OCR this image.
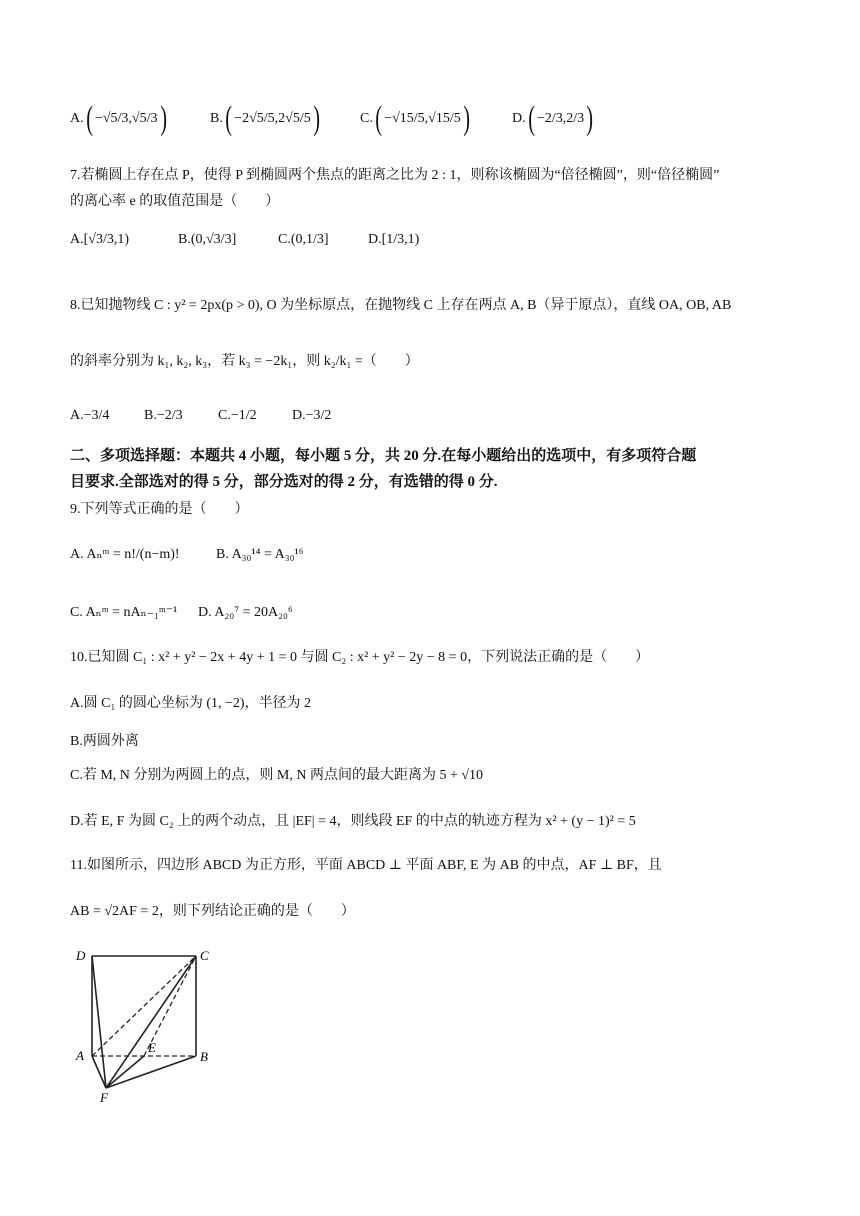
A. ( −√5/3 , √5/3 )	B. ( −2√5/5 , 2√5/5 )	C. ( −√15/5 , √15/5 )	D. ( −2/3 , 2/3 )
7.若椭圆上存在点 P，使得 P 到椭圆两个焦点的距离之比为 2 : 1，则称该椭圆为“倍径椭圆”，则“倍径椭圆”
的离心率 e 的取值范围是（　　）
A.[√3/3,1)	B.(0,√3/3]	C.(0,1/3]	D.[1/3,1)
8.已知抛物线 C : y² = 2px(p > 0), O 为坐标原点，在抛物线 C 上存在两点 A, B（异于原点），直线 OA, OB, AB
的斜率分别为 k₁, k₂, k₃，若 k₃ = −2k₁，则 k₂/k₁ =（　　）
A.−3/4	B.−2/3	C.−1/2	D.−3/2
二、多项选择题：本题共 4 小题，每小题 5 分，共 20 分.在每小题给出的选项中，有多项符合题
目要求.全部选对的得 5 分，部分选对的得 2 分，有选错的得 0 分.
9.下列等式正确的是（　　）
A. Aₙᵐ = n!/(n−m)!	B. A₃₀¹⁴ = A₃₀¹⁶
C. Aₙᵐ = nAₙ₋₁ᵐ⁻¹	D. A₂₀⁷ = 20A₂₀⁶
10.已知圆 C₁ : x² + y² − 2x + 4y + 1 = 0 与圆 C₂ : x² + y² − 2y − 8 = 0，下列说法正确的是（　　）
A.圆 C₁ 的圆心坐标为 (1, −2)，半径为 2
B.两圆外离
C.若 M, N 分别为两圆上的点，则 M, N 两点间的最大距离为 5 + √10
D.若 E, F 为圆 C₂ 上的两个动点，且 |EF| = 4，则线段 EF 的中点的轨迹方程为 x² + (y − 1)² = 5
11.如图所示，四边形 ABCD 为正方形，平面 ABCD ⊥ 平面 ABF, E 为 AB 的中点，AF ⊥ BF，且
AB = √2AF = 2，则下列结论正确的是（　　）
D	C
A	B
E
F
